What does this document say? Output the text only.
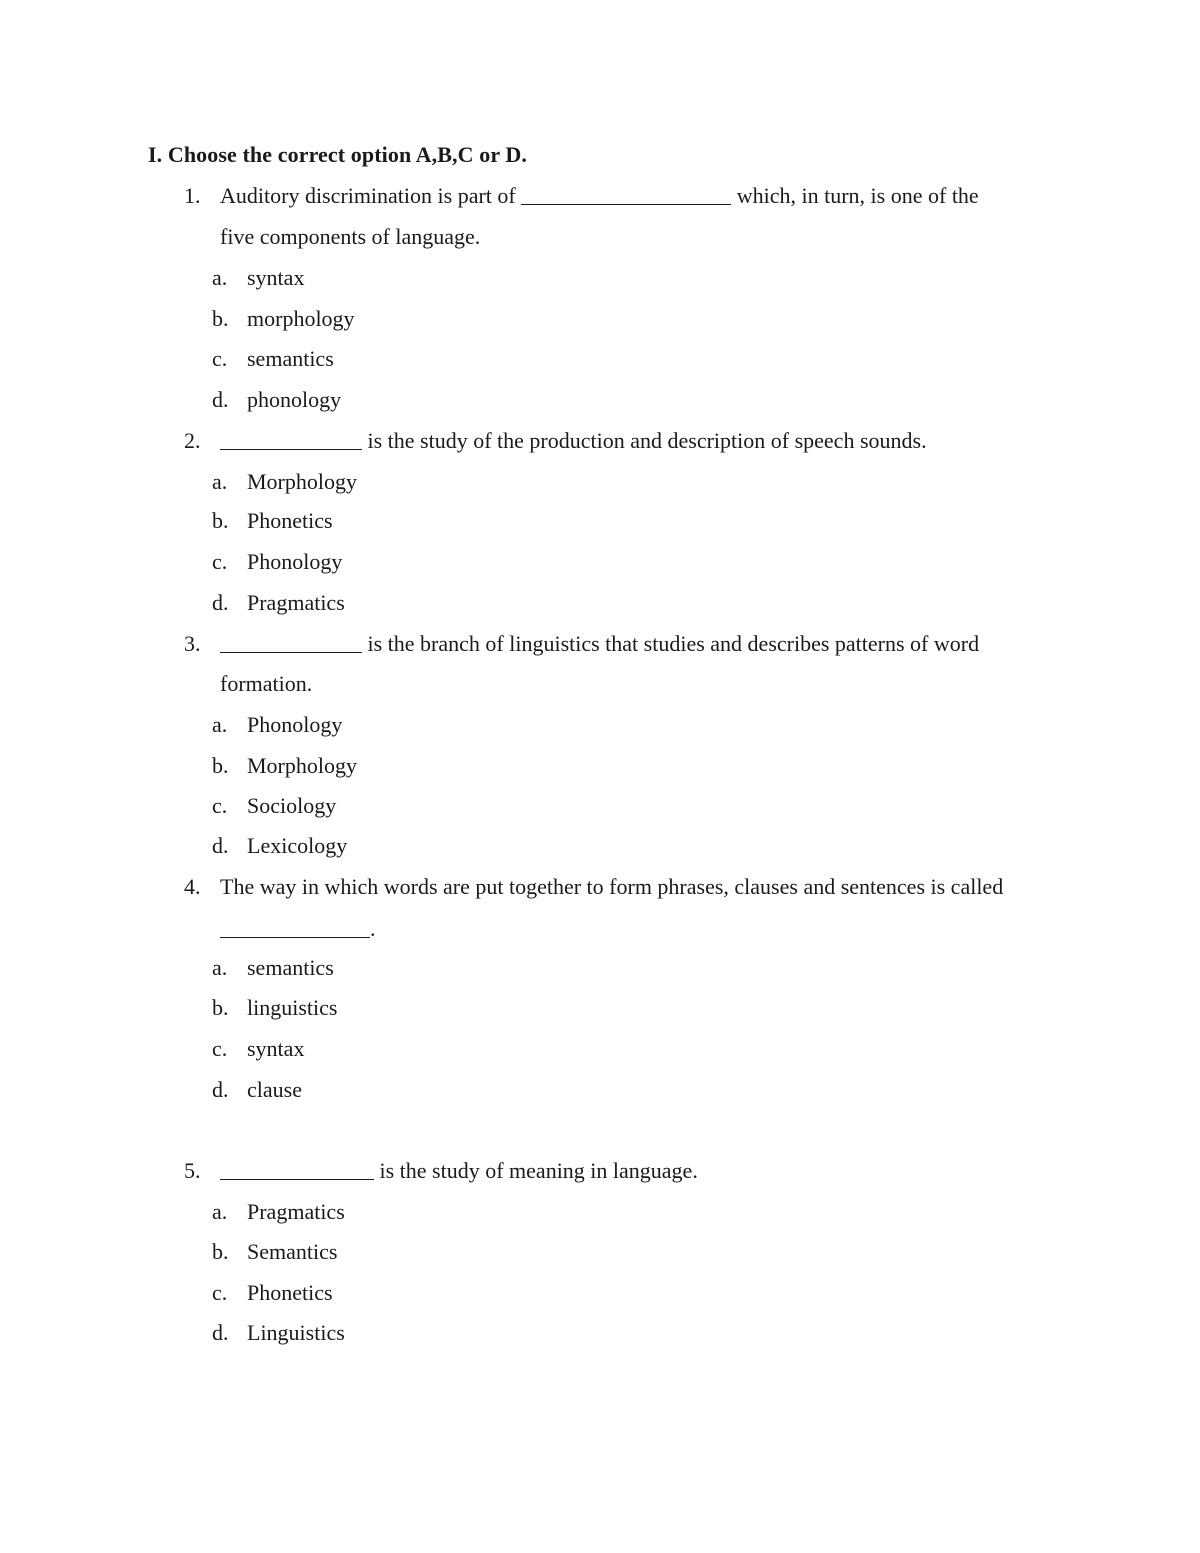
I. Choose the correct option A,B,C or D.
1. Auditory discrimination is part of	which, in turn, is one of the
five components of language.
a. syntax
b. morphology
c. semantics
d. phonology
2.	is the study of the production and description of speech sounds.
a. Morphology
b. Phonetics
c. Phonology
d. Pragmatics
3.	is the branch of linguistics that studies and describes patterns of word
formation.
a. Phonology
b. Morphology
c. Sociology
d. Lexicology
4. The way in which words are put together to form phrases, clauses and sentences is called
.
a. semantics
b. linguistics
c. syntax
d. clause
5.	is the study of meaning in language.
a. Pragmatics
b. Semantics
c. Phonetics
d. Linguistics
